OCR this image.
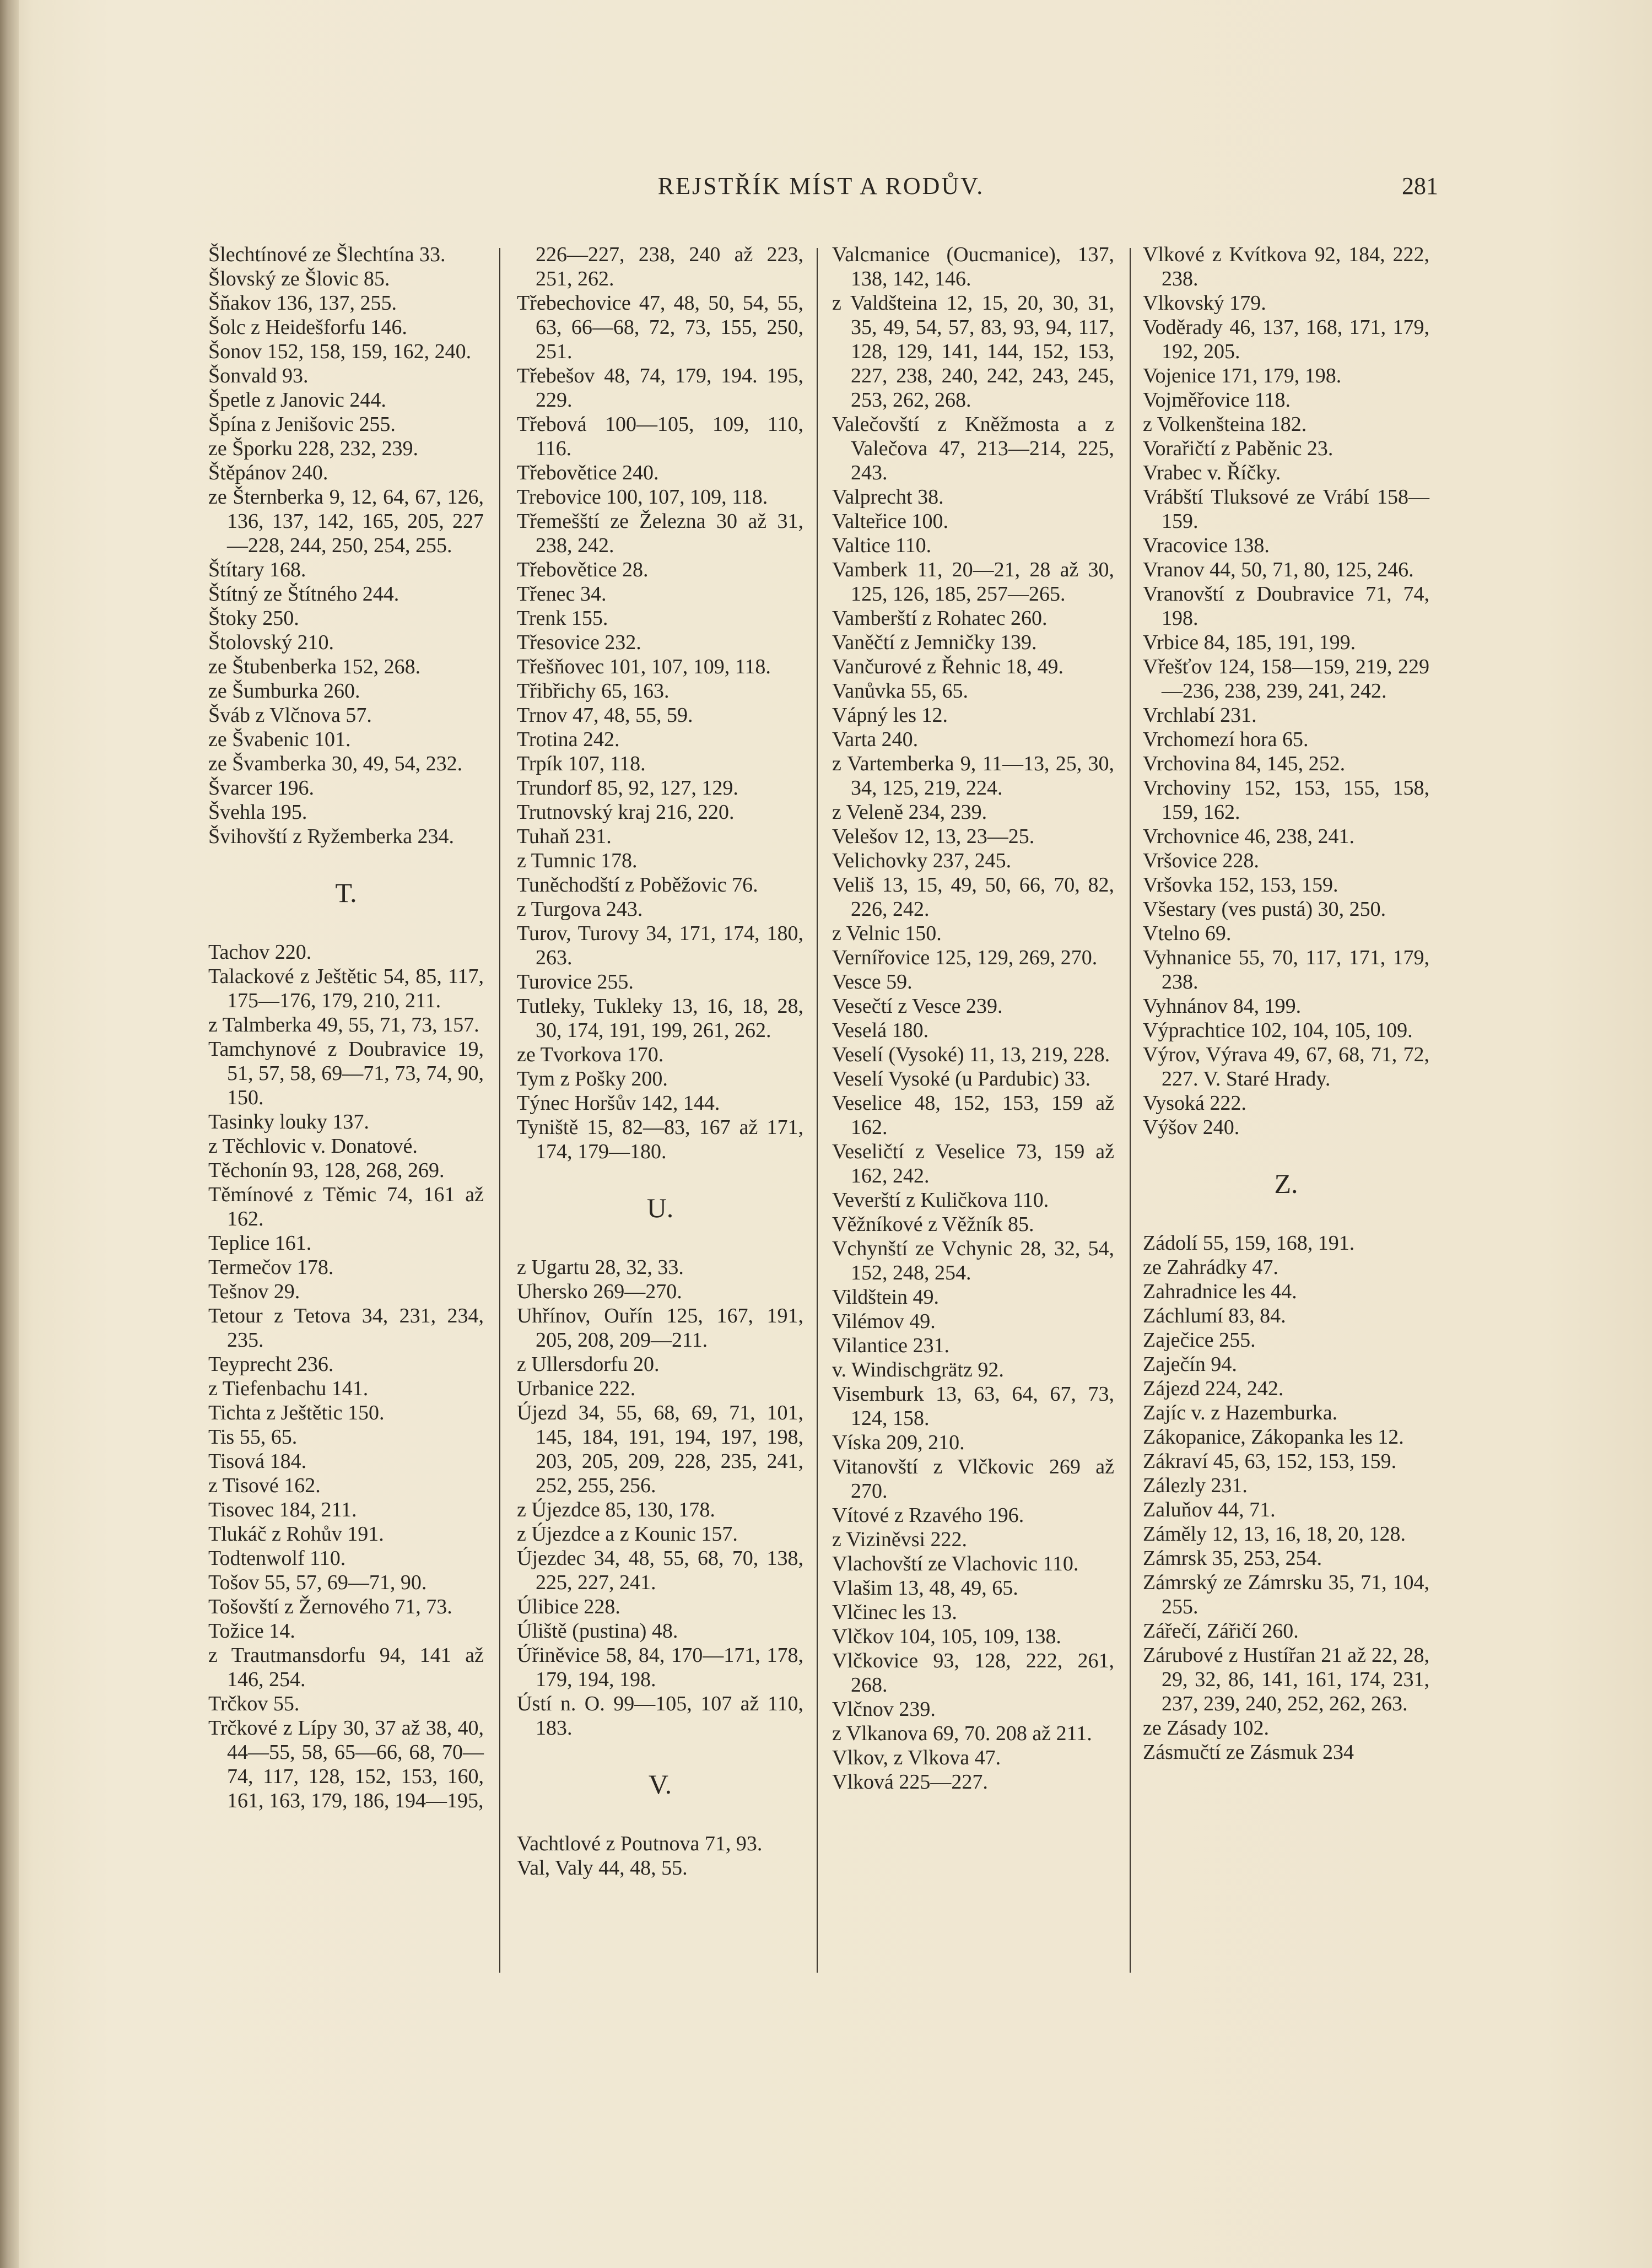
REJSTŘÍK MÍST A RODŮV.	281

Šlechtínové ze Šlechtína 33.

Šlovský ze Šlovic 85.

Šňakov 136, 137, 255.

Šolc z Heidešforfu 146.

Šonov 152, 158, 159, 162, 240.

Šonvald 93.

Špetle z Janovic 244.

Špína z Jenišovic 255.

ze Šporku 228, 232, 239.

Štěpánov 240.

ze Šternberka 9, 12, 64, 67, 126, 136, 137, 142, 165, 205, 227—228, 244, 250, 254, 255.

Štítary 168.

Štítný ze Štítného 244.

Štoky 250.

Štolovský 210.

ze Štubenberka 152, 268.

ze Šumburka 260.

Šváb z Vlčnova 57.

ze Švabenic 101.

ze Švamberka 30, 49, 54, 232.

Švarcer 196.

Švehla 195.

Švihovští z Ryžemberka 234.

T.

Tachov 220.

Talackové z Ještětic 54, 85, 117, 175—176, 179, 210, 211.

z Talmberka 49, 55, 71, 73, 157.

Tamchynové z Doubravice 19, 51, 57, 58, 69—71, 73, 74, 90, 150.

Tasinky louky 137.

z Těchlovic v. Donatové.

Těchonín 93, 128, 268, 269.

Těmínové z Těmic 74, 161 až 162.

Teplice 161.

Termečov 178.

Tešnov 29.

Tetour z Tetova 34, 231, 234, 235.

Teyprecht 236.

z Tiefenbachu 141.

Tichta z Ještětic 150.

Tis 55, 65.

Tisová 184.

z Tisové 162.

Tisovec 184, 211.

Tlukáč z Rohův 191.

Todtenwolf 110.

Tošov 55, 57, 69—71, 90.

Tošovští z Žernového 71, 73.

Tožice 14.

z Trautmansdorfu 94, 141 až 146, 254.

Trčkov 55.

Trčkové z Lípy 30, 37 až 38, 40, 44—55, 58, 65—66, 68, 70—74, 117, 128, 152, 153, 160, 161, 163, 179, 186, 194—195,

226—227, 238, 240 až 223, 251, 262.

Třebechovice 47, 48, 50, 54, 55, 63, 66—68, 72, 73, 155, 250, 251.

Třebešov 48, 74, 179, 194. 195, 229.

Třebová 100—105, 109, 110, 116.

Třebovětice 240.

Trebovice 100, 107, 109, 118.

Třemešští ze Železna 30 až 31, 238, 242.

Třebovětice 28.

Třenec 34.

Trenk 155.

Třesovice 232.

Třešňovec 101, 107, 109, 118.

Třibřichy 65, 163.

Trnov 47, 48, 55, 59.

Trotina 242.

Trpík 107, 118.

Trundorf 85, 92, 127, 129.

Trutnovský kraj 216, 220.

Tuhaň 231.

z Tumnic 178.

Tuněchodští z Poběžovic 76.

z Turgova 243.

Turov, Turovy 34, 171, 174, 180, 263.

Turovice 255.

Tutleky, Tukleky 13, 16, 18, 28, 30, 174, 191, 199, 261, 262.

ze Tvorkova 170.

Tym z Pošky 200.

Týnec Horšův 142, 144.

Tyniště 15, 82—83, 167 až 171, 174, 179—180.

U.

z Ugartu 28, 32, 33.

Uhersko 269—270.

Uhřínov, Ouřín 125, 167, 191, 205, 208, 209—211.

z Ullersdorfu 20.

Urbanice 222.

Újezd 34, 55, 68, 69, 71, 101, 145, 184, 191, 194, 197, 198, 203, 205, 209, 228, 235, 241, 252, 255, 256.

z Újezdce 85, 130, 178.

z Újezdce a z Kounic 157.

Újezdec 34, 48, 55, 68, 70, 138, 225, 227, 241.

Úlibice 228.

Úliště (pustina) 48.

Úřiněvice 58, 84, 170—171, 178, 179, 194, 198.

Ústí n. O. 99—105, 107 až 110, 183.

V.

Vachtlové z Poutnova 71, 93.

Val, Valy 44, 48, 55.

Valcmanice (Oucmanice), 137, 138, 142, 146.

z Valdšteina 12, 15, 20, 30, 31, 35, 49, 54, 57, 83, 93, 94, 117, 128, 129, 141, 144, 152, 153, 227, 238, 240, 242, 243, 245, 253, 262, 268.

Valečovští z Kněžmosta a z Valečova 47, 213—214, 225, 243.

Valprecht 38.

Valteřice 100.

Valtice 110.

Vamberk 11, 20—21, 28 až 30, 125, 126, 185, 257—265.

Vamberští z Rohatec 260.

Vaněčtí z Jemničky 139.

Vančurové z Řehnic 18, 49.

Vanůvka 55, 65.

Vápný les 12.

Varta 240.

z Vartemberka 9, 11—13, 25, 30, 34, 125, 219, 224.

z Veleně 234, 239.

Velešov 12, 13, 23—25.

Velichovky 237, 245.

Veliš 13, 15, 49, 50, 66, 70, 82, 226, 242.

z Velnic 150.

Vernířovice 125, 129, 269, 270.

Vesce 59.

Vesečtí z Vesce 239.

Veselá 180.

Veselí (Vysoké) 11, 13, 219, 228.

Veselí Vysoké (u Pardubic) 33.

Veselice 48, 152, 153, 159 až 162.

Veseličtí z Veselice 73, 159 až 162, 242.

Veverští z Kuličkova 110.

Věžníkové z Věžník 85.

Vchynští ze Vchynic 28, 32, 54, 152, 248, 254.

Vildštein 49.

Vilémov 49.

Vilantice 231.

v. Windischgrätz 92.

Visemburk 13, 63, 64, 67, 73, 124, 158.

Víska 209, 210.

Vitanovští z Vlčkovic 269 až 270.

Vítové z Rzavého 196.

z Viziněvsi 222.

Vlachovští ze Vlachovic 110.

Vlašim 13, 48, 49, 65.

Vlčinec les 13.

Vlčkov 104, 105, 109, 138.

Vlčkovice 93, 128, 222, 261, 268.

Vlčnov 239.

z Vlkanova 69, 70. 208 až 211.

Vlkov, z Vlkova 47.

Vlková 225—227.

Vlkové z Kvítkova 92, 184, 222, 238.

Vlkovský 179.

Voděrady 46, 137, 168, 171, 179, 192, 205.

Vojenice 171, 179, 198.

Vojměřovice 118.

z Volkenšteina 182.

Vorařičtí z Paběnic 23.

Vrabec v. Říčky.

Vrábští Tluksové ze Vrábí 158—159.

Vracovice 138.

Vranov 44, 50, 71, 80, 125, 246.

Vranovští z Doubravice 71, 74, 198.

Vrbice 84, 185, 191, 199.

Vřešťov 124, 158—159, 219, 229—236, 238, 239, 241, 242.

Vrchlabí 231.

Vrchomezí hora 65.

Vrchovina 84, 145, 252.

Vrchoviny 152, 153, 155, 158, 159, 162.

Vrchovnice 46, 238, 241.

Vršovice 228.

Vršovka 152, 153, 159.

Všestary (ves pustá) 30, 250.

Vtelno 69.

Vyhnanice 55, 70, 117, 171, 179, 238.

Vyhnánov 84, 199.

Výprachtice 102, 104, 105, 109.

Výrov, Výrava 49, 67, 68, 71, 72, 227. V. Staré Hrady.

Vysoká 222.

Výšov 240.

Z.

Zádolí 55, 159, 168, 191.

ze Zahrádky 47.

Zahradnice les 44.

Záchlumí 83, 84.

Zaječice 255.

Zaječín 94.

Zájezd 224, 242.

Zajíc v. z Hazemburka.

Zákopanice, Zákopanka les 12.

Zákraví 45, 63, 152, 153, 159.

Zálezly 231.

Zaluňov 44, 71.

Záměly 12, 13, 16, 18, 20, 128.

Zámrsk 35, 253, 254.

Zámrský ze Zámrsku 35, 71, 104, 255.

Zářečí, Zářičí 260.

Zárubové z Hustířan 21 až 22, 28, 29, 32, 86, 141, 161, 174, 231, 237, 239, 240, 252, 262, 263.

ze Zásady 102.

Zásmučtí ze Zásmuk 234
